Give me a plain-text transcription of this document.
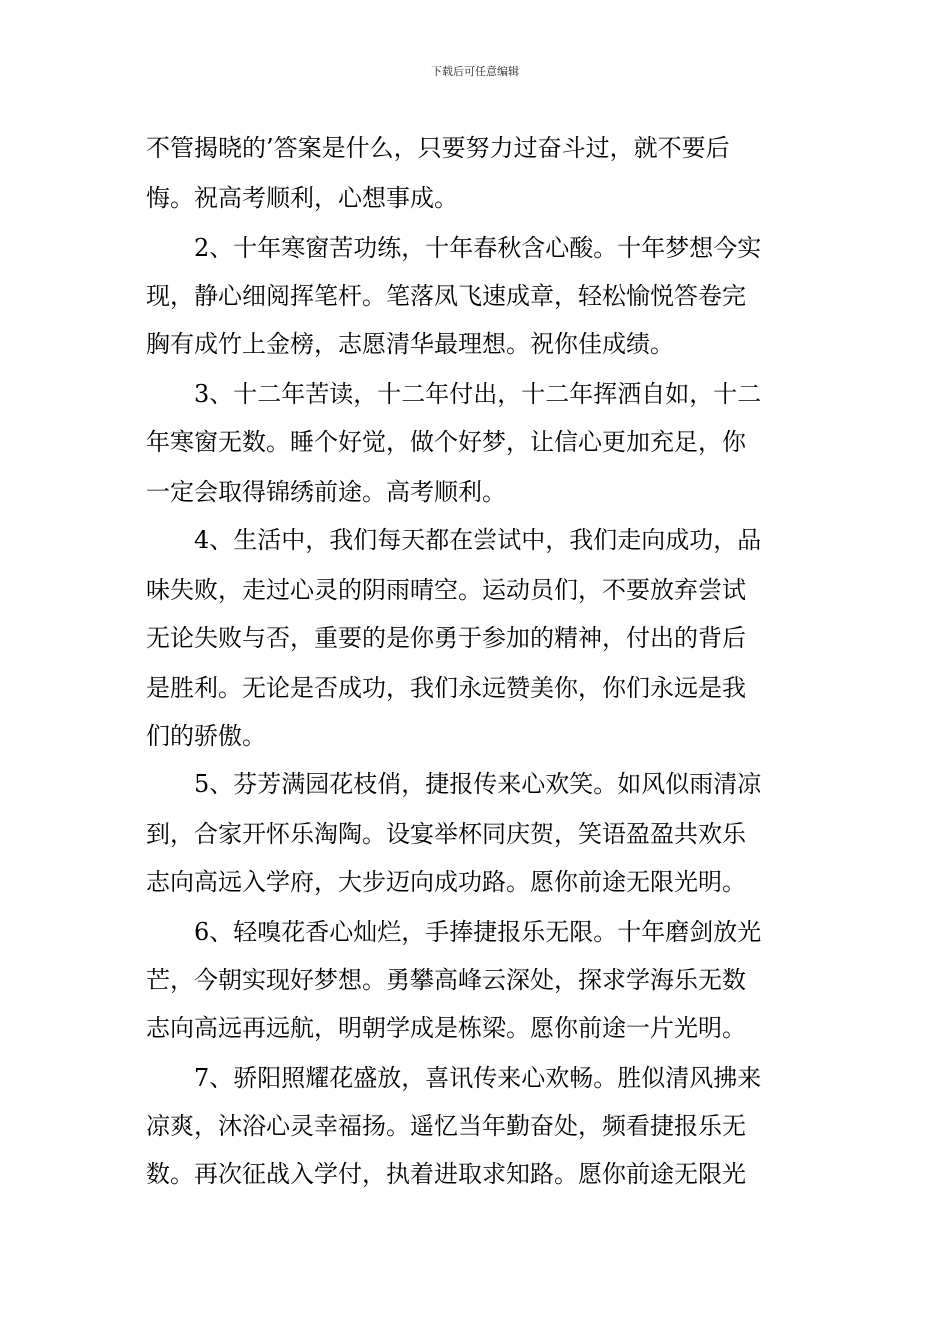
下载后可任意编辑
不管揭晓的’答案是什么，只要努力过奋斗过，就不要后
悔。祝高考顺利，心想事成。
2、十年寒窗苦功练，十年春秋含心酸。十年梦想今实
现，静心细阅挥笔杆。笔落凤飞速成章，轻松愉悦答卷完
胸有成竹上金榜，志愿清华最理想。祝你佳成绩。
3、十二年苦读，十二年付出，十二年挥洒自如，十二
年寒窗无数。睡个好觉，做个好梦，让信心更加充足，你
一定会取得锦绣前途。高考顺利。
4、生活中，我们每天都在尝试中，我们走向成功，品
味失败，走过心灵的阴雨晴空。运动员们，不要放弃尝试
无论失败与否，重要的是你勇于参加的精神，付出的背后
是胜利。无论是否成功，我们永远赞美你，你们永远是我
们的骄傲。
5、芬芳满园花枝俏，捷报传来心欢笑。如风似雨清凉
到，合家开怀乐淘陶。设宴举杯同庆贺，笑语盈盈共欢乐
志向高远入学府，大步迈向成功路。愿你前途无限光明。
6、轻嗅花香心灿烂，手捧捷报乐无限。十年磨剑放光
芒，今朝实现好梦想。勇攀高峰云深处，探求学海乐无数
志向高远再远航，明朝学成是栋梁。愿你前途一片光明。
7、骄阳照耀花盛放，喜讯传来心欢畅。胜似清风拂来
凉爽，沐浴心灵幸福扬。遥忆当年勤奋处，频看捷报乐无
数。再次征战入学付，执着进取求知路。愿你前途无限光
